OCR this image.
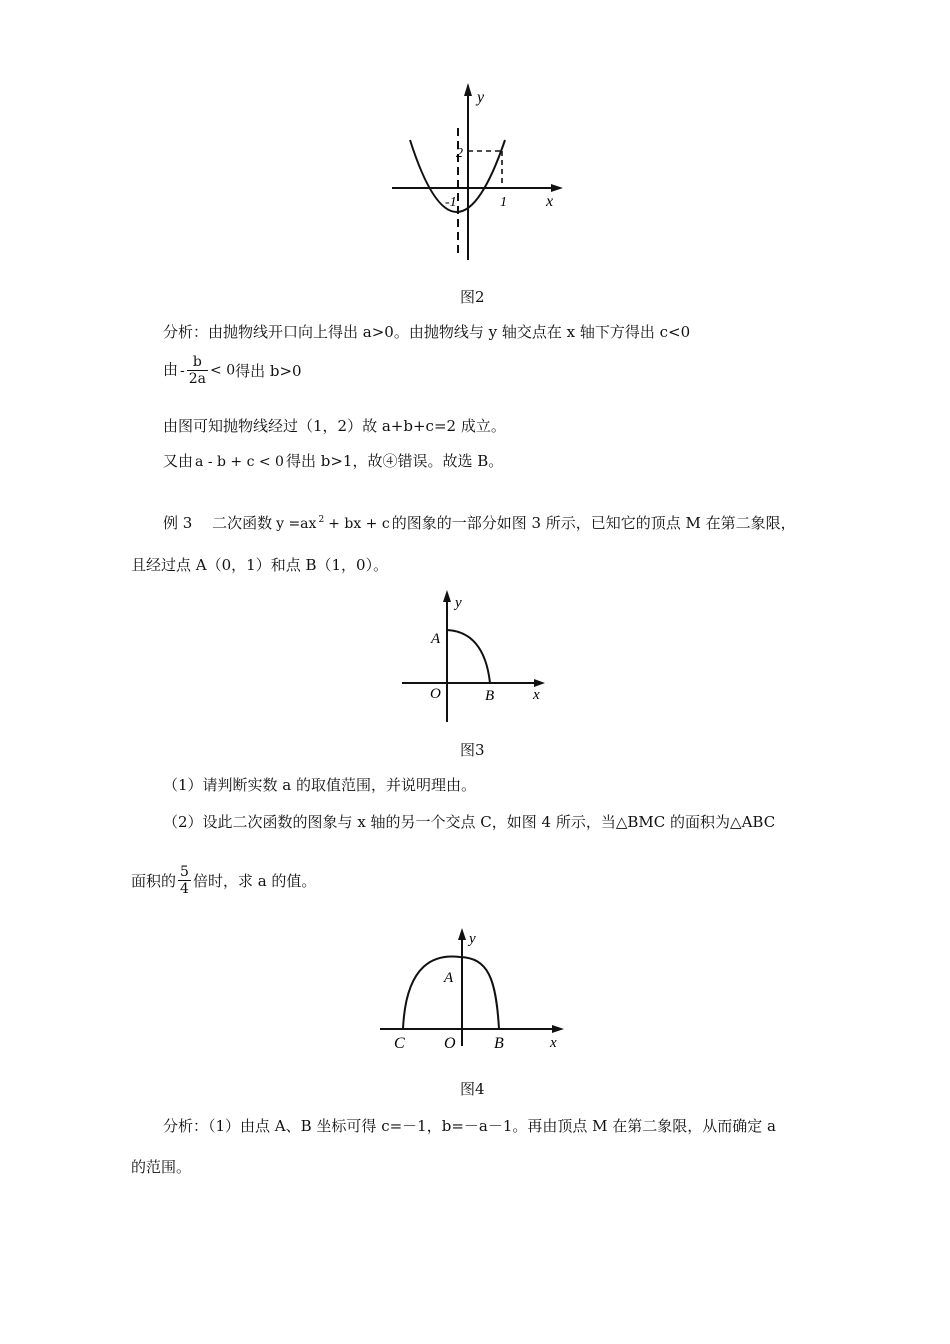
y
x
-1	1
2
图2
分析：由抛物线开口向上得出 a>0。由抛物线与 y 轴交点在 x 轴下方得出 c<0
由 - $\frac{b}{2a} < 0$得出 b>0
由图可知抛物线经过（1，2）故 a+b+c=2 成立。
又由 a - b + c < 0 得出 b>1，故④错误。故选 B。
例 3　 二次函数 y =ax $^2$ + bx + c 的图象的一部分如图 3 所示，已知它的顶点 M 在第二象限，
且经过点 A（0，1）和点 B（1，0）。
y
x
A
O	B
图3
（1）请判断实数 a 的取值范围，并说明理由。
（2）设此二次函数的图象与 x 轴的另一个交点 C，如图 4 所示，当△BMC 的面积为△ABC
面积的 $\frac{5}{4}$ 倍时，求 a 的值。
y
x
A
C O B
图4
分析：（1）由点 A、B 坐标可得 c=－1，b=－a－1。再由顶点 M 在第二象限，从而确定 a
的范围。
